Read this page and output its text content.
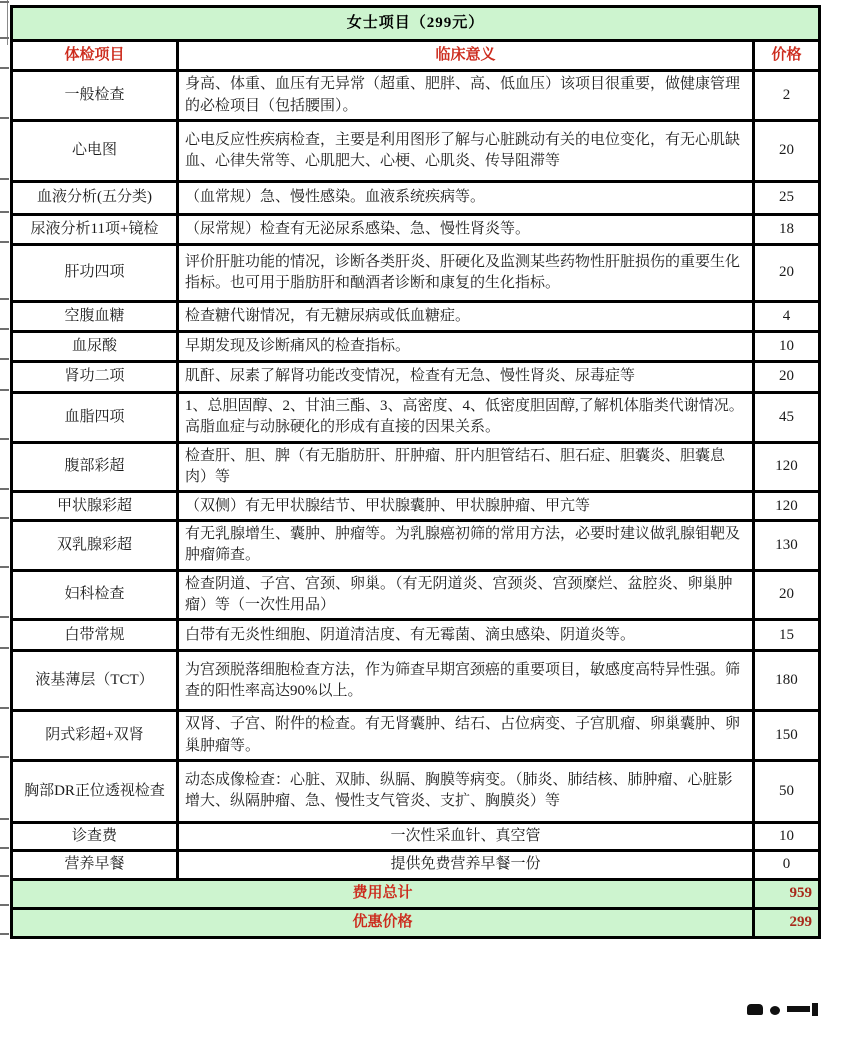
女士项目（299元）		
体检项目	临床意义	价格
一般检查	身高、体重、血压有无异常（超重、肥胖、高、低血压）该项目很重要，做健康管理的必检项目（包括腰围）。	2
心电图	心电反应性疾病检查，主要是利用图形了解与心脏跳动有关的电位变化，有无心肌缺血、心律失常等、心肌肥大、心梗、心肌炎、传导阻滞等	20
血液分析(五分类)	（血常规）急、慢性感染。血液系统疾病等。	25
尿液分析11项+镜检	（尿常规）检查有无泌尿系感染、急、慢性肾炎等。	18
肝功四项	评价肝脏功能的情况，诊断各类肝炎、肝硬化及监测某些药物性肝脏损伤的重要生化指标。也可用于脂肪肝和酗酒者诊断和康复的生化指标。	20
空腹血糖	检查糖代谢情况，有无糖尿病或低血糖症。	4
血尿酸	早期发现及诊断痛风的检查指标。	10
肾功二项	肌酐、尿素了解肾功能改变情况，检查有无急、慢性肾炎、尿毒症等	20
血脂四项	1、总胆固醇、2、甘油三酯、3、高密度、4、低密度胆固醇,了解机体脂类代谢情况。高脂血症与动脉硬化的形成有直接的因果关系。	45
腹部彩超	检查肝、胆、脾（有无脂肪肝、肝肿瘤、肝内胆管结石、胆石症、胆囊炎、胆囊息肉）等	120
甲状腺彩超	（双侧）有无甲状腺结节、甲状腺囊肿、甲状腺肿瘤、甲亢等	120
双乳腺彩超	有无乳腺增生、囊肿、肿瘤等。为乳腺癌初筛的常用方法，必要时建议做乳腺钼靶及肿瘤筛查。	130
妇科检查	检查阴道、子宫、宫颈、卵巢。（有无阴道炎、宫颈炎、宫颈糜烂、盆腔炎、卵巢肿瘤）等（一次性用品）	20
白带常规	白带有无炎性细胞、阴道清洁度、有无霉菌、滴虫感染、阴道炎等。	15
液基薄层（TCT）	为宫颈脱落细胞检查方法，作为筛查早期宫颈癌的重要项目，敏感度高特异性强。筛查的阳性率高达90%以上。	180
阴式彩超+双肾	双肾、子宫、附件的检查。有无肾囊肿、结石、占位病变、子宫肌瘤、卵巢囊肿、卵巢肿瘤等。	150
胸部DR正位透视检查	动态成像检查：心脏、双肺、纵膈、胸膜等病变。（肺炎、肺结核、肺肿瘤、心脏影增大、纵隔肿瘤、急、慢性支气管炎、支扩、胸膜炎）等	50
诊查费	一次性采血针、真空管	10
营养早餐	提供免费营养早餐一份	0
费用总计		959
优惠价格		299
